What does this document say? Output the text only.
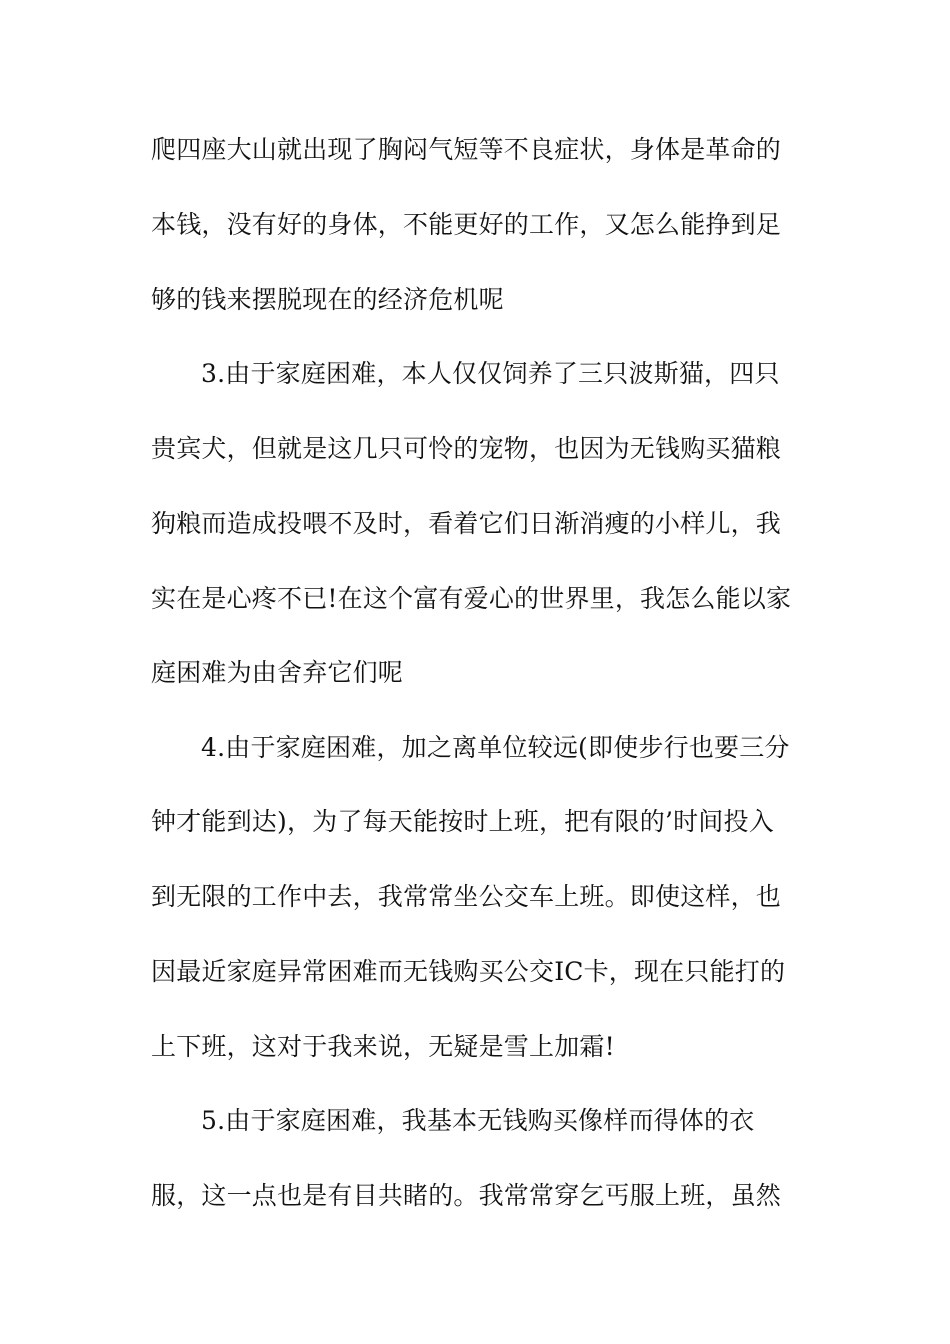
爬四座大山就出现了胸闷气短等不良症状，身体是革命的
本钱，没有好的身体，不能更好的工作，又怎么能挣到足
够的钱来摆脱现在的经济危机呢
3.由于家庭困难，本人仅仅饲养了三只波斯猫，四只
贵宾犬，但就是这几只可怜的宠物，也因为无钱购买猫粮
狗粮而造成投喂不及时，看着它们日渐消瘦的小样儿，我
实在是心疼不已!在这个富有爱心的世界里，我怎么能以家
庭困难为由舍弃它们呢
4.由于家庭困难，加之离单位较远(即使步行也要三分
钟才能到达)，为了每天能按时上班，把有限的’时间投入
到无限的工作中去，我常常坐公交车上班。即使这样，也
因最近家庭异常困难而无钱购买公交IC卡，现在只能打的
上下班，这对于我来说，无疑是雪上加霜!
5.由于家庭困难，我基本无钱购买像样而得体的衣
服，这一点也是有目共睹的。我常常穿乞丐服上班，虽然
